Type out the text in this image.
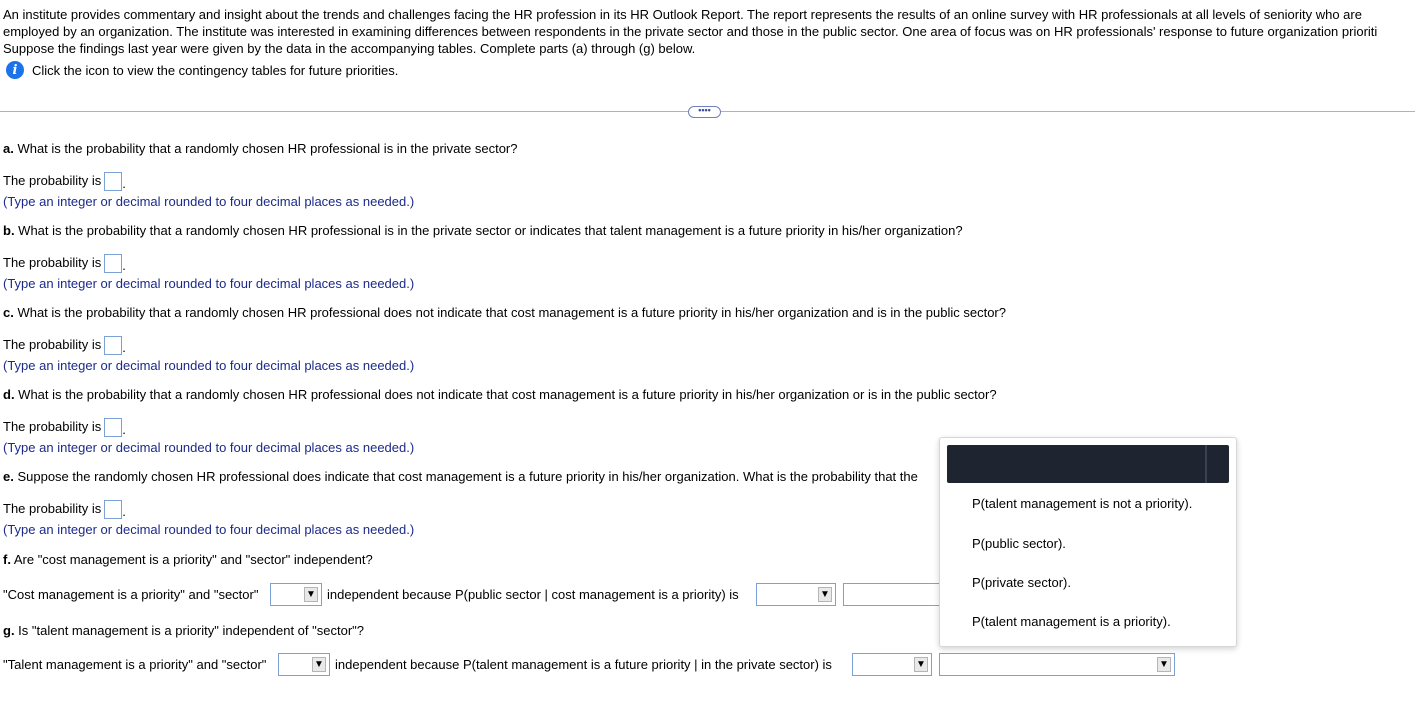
An institute provides commentary and insight about the trends and challenges facing the HR profession in its HR Outlook Report. The report represents the results of an online survey with HR professionals at all levels of seniority who are
employed by an organization. The institute was interested in examining differences between respondents in the private sector and those in the public sector. One area of focus was on HR professionals' response to future organization prioriti
Suppose the findings last year were given by the data in the accompanying tables. Complete parts (a) through (g) below.
i	Click the icon to view the contingency tables for future priorities.
••••
a. What is the probability that a randomly chosen HR professional is in the private sector?
The probability is .
(Type an integer or decimal rounded to four decimal places as needed.)
b. What is the probability that a randomly chosen HR professional is in the private sector or indicates that talent management is a future priority in his/her organization?
The probability is .
(Type an integer or decimal rounded to four decimal places as needed.)
c. What is the probability that a randomly chosen HR professional does not indicate that cost management is a future priority in his/her organization and is in the public sector?
The probability is .
(Type an integer or decimal rounded to four decimal places as needed.)
d. What is the probability that a randomly chosen HR professional does not indicate that cost management is a future priority in his/her organization or is in the public sector?
The probability is .
(Type an integer or decimal rounded to four decimal places as needed.)
e. Suppose the randomly chosen HR professional does indicate that cost management is a future priority in his/her organization. What is the probability that the
The probability is .
(Type an integer or decimal rounded to four decimal places as needed.)
f. Are "cost management is a priority" and "sector" independent?
"Cost management is a priority" and "sector"	▼ independent because P(public sector | cost management is a priority) is	▼
g. Is "talent management is a priority" independent of "sector"?
"Talent management is a priority" and "sector"	▼ independent because P(talent management is a future priority | in the private sector) is	▼	▼
P(talent management is not a priority).
P(public sector).
P(private sector).
P(talent management is a priority).
